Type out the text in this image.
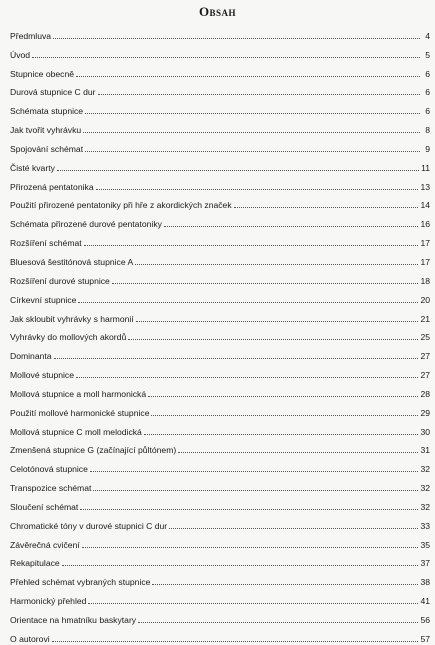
Obsah
Předmluva	4
Úvod	5
Stupnice obecně	6
Durová stupnice C dur	6
Schémata stupnice	6
Jak tvořit vyhrávku	8
Spojování schémat	9
Čisté kvarty	11
Přirozená pentatonika	13
Použití přirozené pentatoniky při hře z akordických značek	14
Schémata přirozené durové pentatoniky	16
Rozšíření schémat	17
Bluesová šestitónová stupnice A	17
Rozšíření durové stupnice	18
Církevní stupnice	20
Jak skloubit vyhrávky s harmonií	21
Vyhrávky do mollových akordů	25
Dominanta	27
Mollové stupnice	27
Mollová stupnice a moll harmonická	28
Použití mollové harmonické stupnice	29
Mollová stupnice C moll melodická	30
Zmenšená stupnice G (začínající půltónem)	31
Celotónová stupnice	32
Transpozice schémat	32
Sloučení schémat	32
Chromatické tóny v durové stupnici C dur	33
Závěrečná cvičení	35
Rekapitulace	37
Přehled schémat vybraných stupnice	38
Harmonický přehled	41
Orientace na hmatníku baskytary	56
O autorovi	57
